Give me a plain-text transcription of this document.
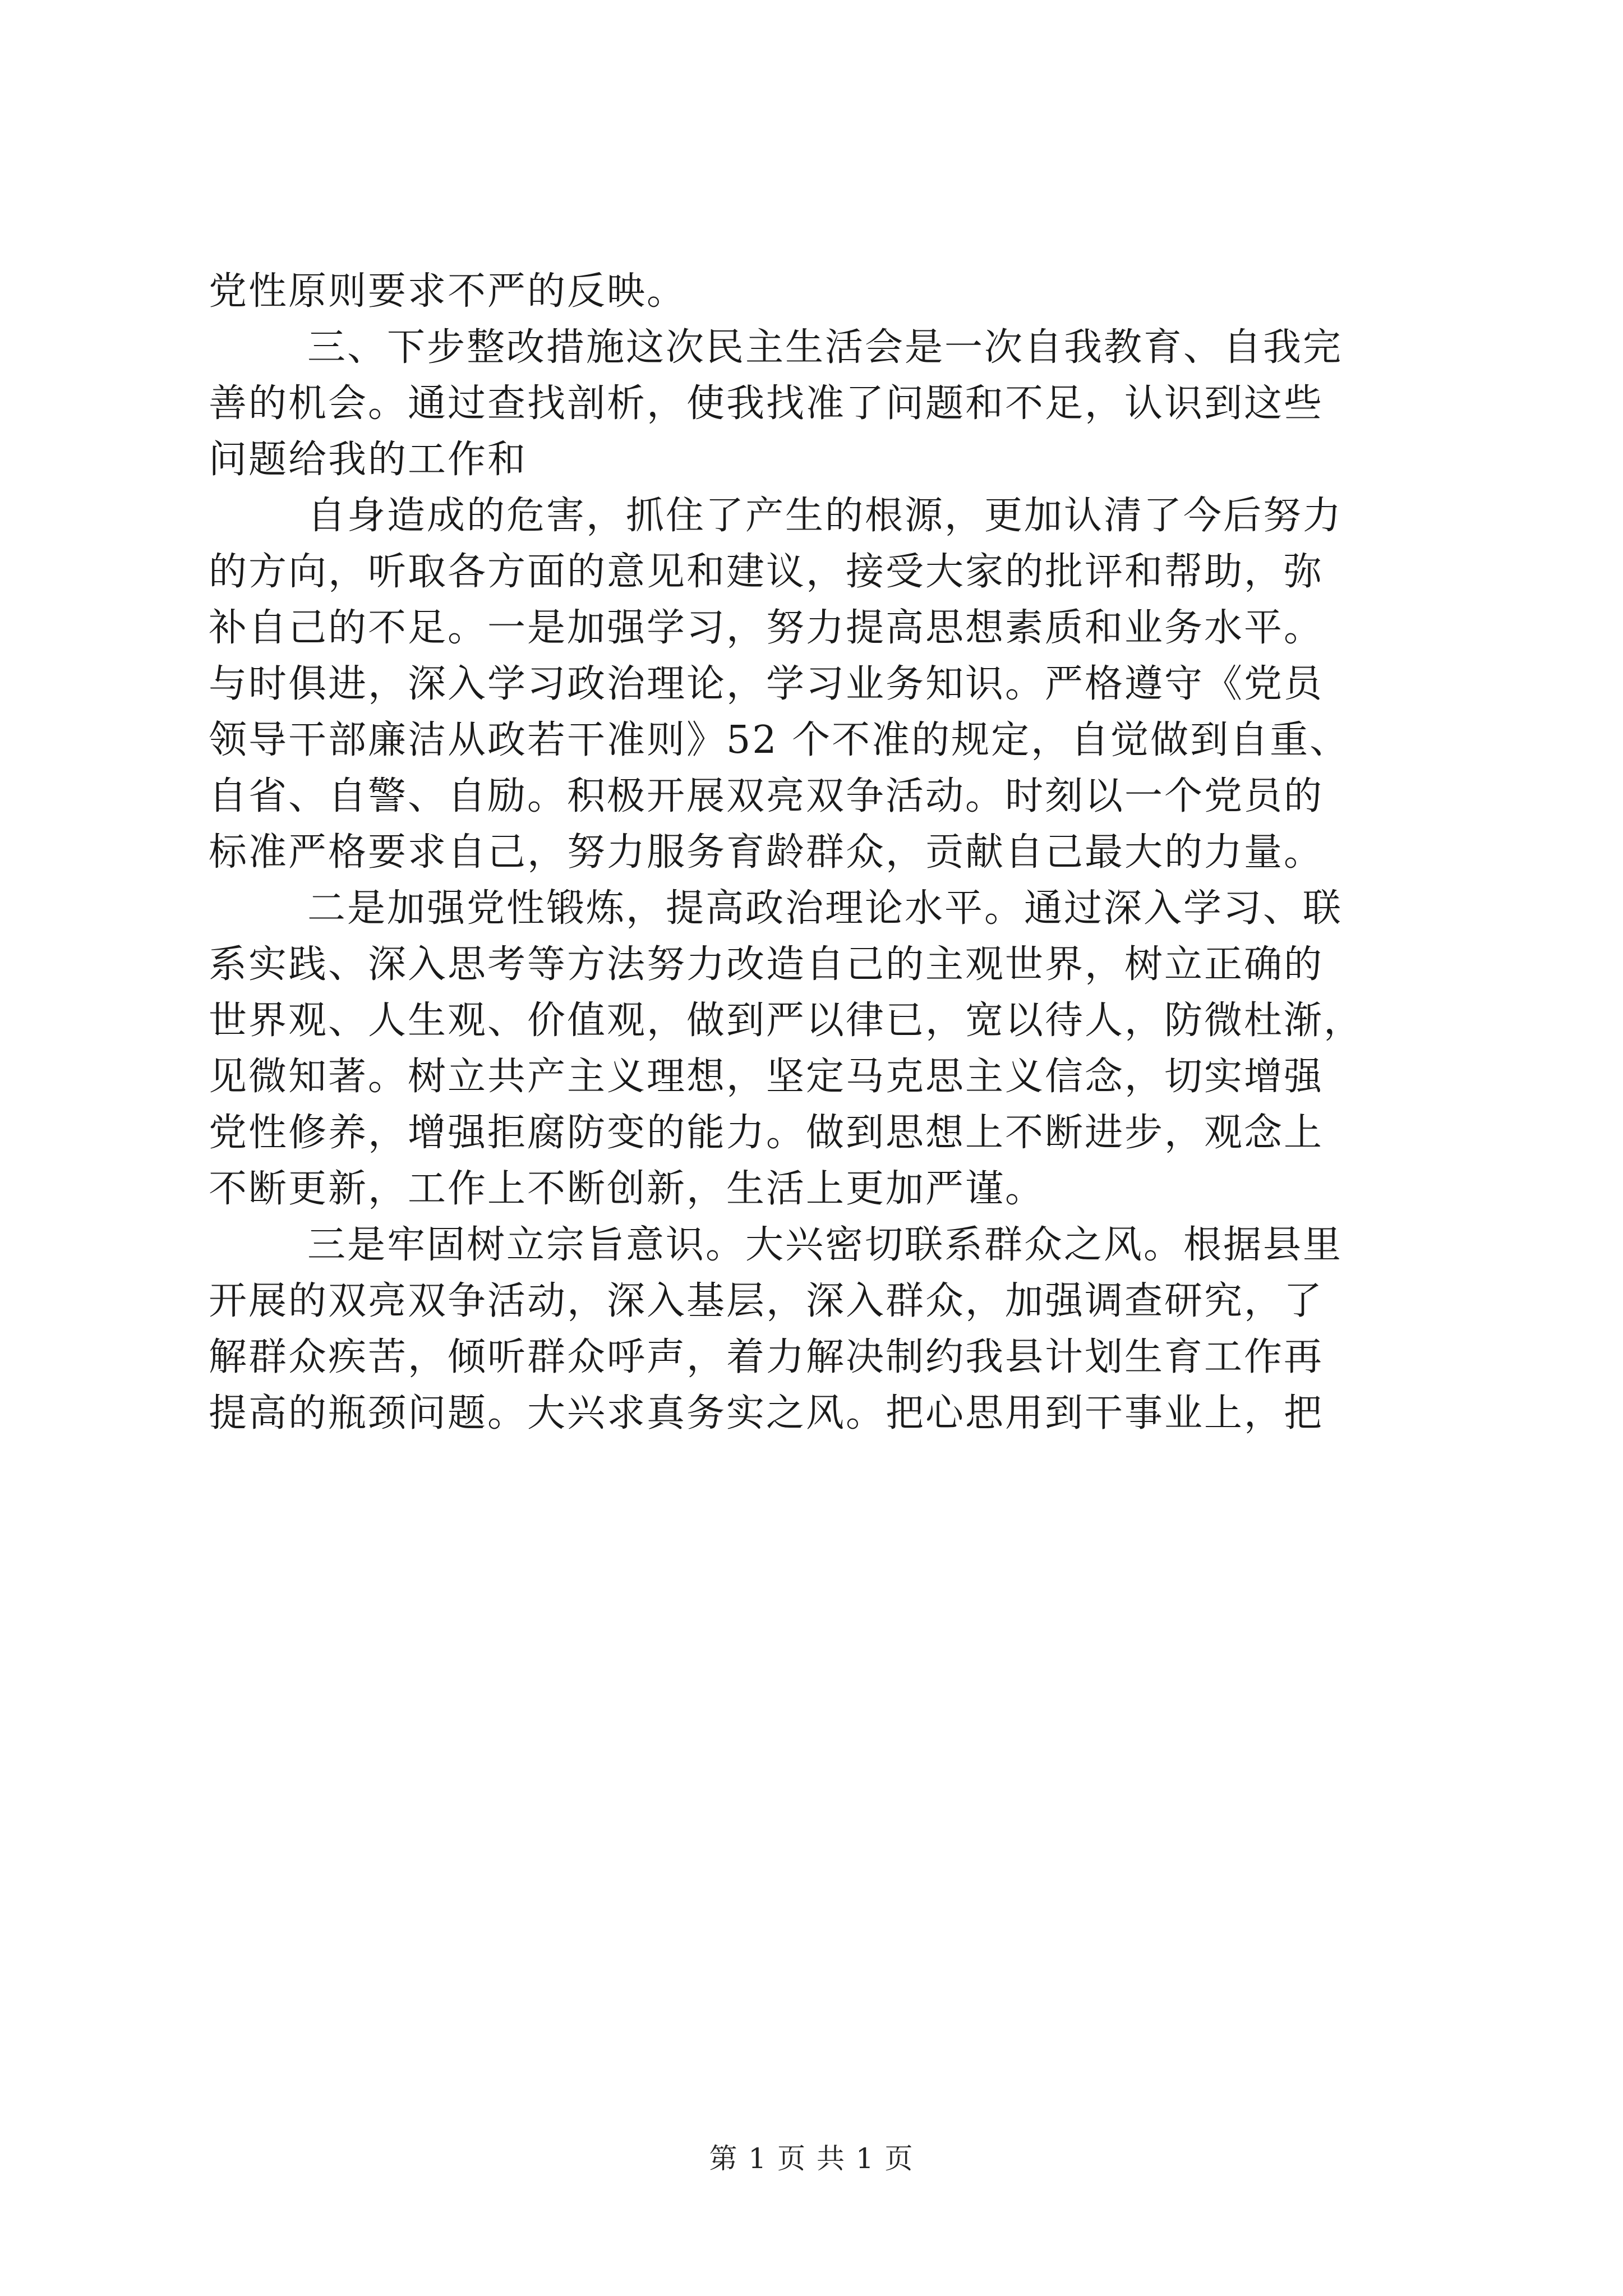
党性原则要求不严的反映。
三、下步整改措施这次民主生活会是一次自我教育、自我完
善的机会。通过查找剖析，使我找准了问题和不足，认识到这些
问题给我的工作和
自身造成的危害，抓住了产生的根源，更加认清了今后努力
的方向，听取各方面的意见和建议，接受大家的批评和帮助，弥
补自己的不足。一是加强学习，努力提高思想素质和业务水平。
与时俱进，深入学习政治理论，学习业务知识。严格遵守《党员
领导干部廉洁从政若干准则》52 个不准的规定，自觉做到自重、
自省、自警、自励。积极开展双亮双争活动。时刻以一个党员的
标准严格要求自己，努力服务育龄群众，贡献自己最大的力量。
二是加强党性锻炼，提高政治理论水平。通过深入学习、联
系实践、深入思考等方法努力改造自己的主观世界，树立正确的
世界观、人生观、价值观，做到严以律已，宽以待人，防微杜渐，
见微知著。树立共产主义理想，坚定马克思主义信念，切实增强
党性修养，增强拒腐防变的能力。做到思想上不断进步，观念上
不断更新，工作上不断创新，生活上更加严谨。
三是牢固树立宗旨意识。大兴密切联系群众之风。根据县里
开展的双亮双争活动，深入基层，深入群众，加强调查研究，了
解群众疾苦，倾听群众呼声，着力解决制约我县计划生育工作再
提高的瓶颈问题。大兴求真务实之风。把心思用到干事业上，把
第 1 页 共 1 页
